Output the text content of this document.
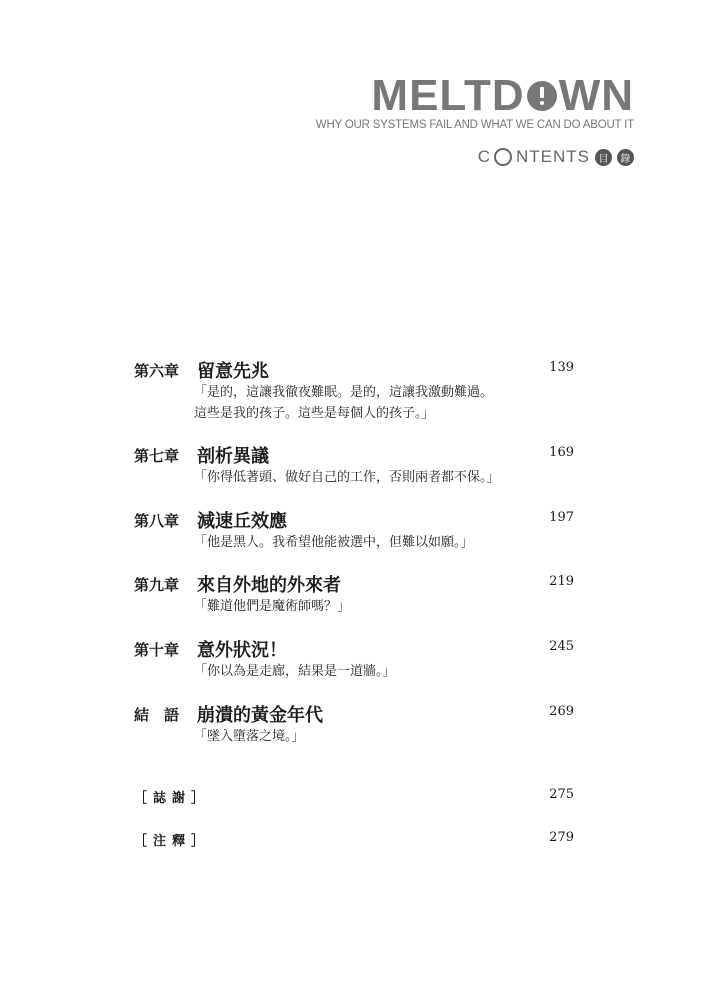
MELTD WN
WHY OUR SYSTEMS FAIL AND WHAT WE CAN DO ABOUT IT
C NTENTS 目	錄
第六章 留意先兆	139
「是的，這讓我徹夜難眠。是的，這讓我激動難過。
這些是我的孩子。這些是每個人的孩子。」
第七章 剖析異議	169
「你得低著頭、做好自己的工作，否則兩者都不保。」
第八章 減速丘效應	197
「他是黑人。我希望他能被選中，但難以如願。」
第九章 來自外地的外來者	219
「難道他們是魔術師嗎？」
第十章 意外狀況！	245
「你以為是走廊，結果是一道牆。」
結　語 崩潰的黃金年代	269
「墜入墮落之境。」
［誌謝］	275
［注釋］	279
